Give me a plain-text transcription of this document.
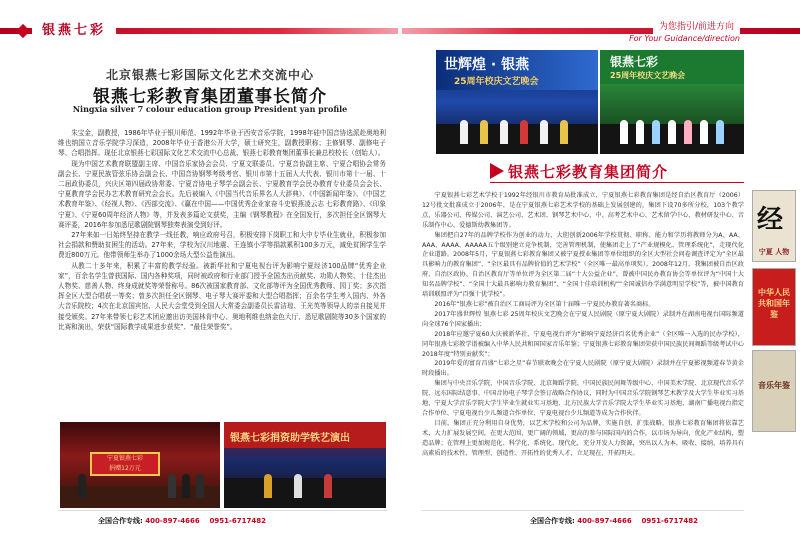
银燕七彩	为您指引/前进方向
For Your Guidance/direction
北京银燕七彩国际文化艺术交流中心
银燕七彩教育集团董事长简介
Ningxia silver 7 colour education group President yan profile

朱宝金，副教授，1986年毕业于银川师范、1992年毕业于西安音乐学院，1998年硅中国音协选派赴奥地利维也纳国立音乐学院学习深造，2008年毕业于香港公开大学，硕士研究生，副教授职称；主修钢琴、副修电子琴、合唱指挥。现任北京银燕七彩国际文化艺术交流中心总裁、银燕七彩教育集团董事长兼总校校长（创始人）。

现为中国艺术教育联盟副主席、中国音乐家协会会员、宁夏文联委员、宁夏音协副主席、宁夏合唱协会常务副会长、宁夏民族管弦乐协会副会长、中国音协钢琴考级考官、银川市第十五届人大代表、银川市第十一届、十二届政协委员，兴庆区第四届政协常委、宁夏音协电子琴学会副会长、宁夏教育学会民办教育专业委员会会长、宁夏教育学会民办艺术教育研究会会长。先后被编入《中国当代音乐界名人大辞典》、《中国新闻年鉴》、《中国艺术教育年鉴》、《经视人物》、《西部交流》、《赢在中国——中国优秀企业家奋斗史银燕凌云志 七彩教育路》、《印象宁夏》、《宁夏60周年经济人物》等，并发表多篇论文获奖，主编《钢琴教程》在全国发行，多次担任全区钢琴大赛评委，2016年参加悉尼歌剧院钢琴独奏表演受到好评。

27年来如一日始终坚持在教学一线任教，响应政府号召，积极安排下岗职工和大中专毕业生就业，积极参加社会捐款和赞助贫困生的活动。27年来，学校为汉川地震、王连镇小学等捐款累积100多万元，减免贫困学生学费近800万元。他带领师生举办了1000余场大型公益性演出。

从教二十多年来，积累了丰富的教学经验。被新华社和宁夏电视台评为影响宁夏经济100品牌“优秀企业家”，百余名学生曾获国际、国内各种奖项，同时被政府和行业部门授予全国杰出贡献奖、功勋人物奖、十佳杰出人物奖、慈善人物、终身成就奖等荣誉称号。86次被国家教育部、文化部等评为全国优秀教师、园丁奖；多次指挥全区大型合唱获一等奖；曾多次担任全区钢琴、电子琴大赛评委和大型合唱指挥；百余名学生考入国内、外各大音乐院校；4次在北京国宾馆、人民大会堂受到全国人大常委会副委员长雷洁琼、王光英等领导人的亲自接见并接受颁奖。27年来带领七彩艺术团应邀出访美国林肯中心、奥地利维也纳金色大厅、悉尼歌剧院等30多个国家的比赛和演出，荣获“国际教学成果进步获奖”、“最佳荣誉奖”。

宁夏银燕七彩
捐赠12万元
银燕七彩捐资助学铁艺演出
世辉煌 · 银燕
25周年校庆文艺晚会
银燕七彩
25周年校庆文艺晚会
银燕七彩教育集团简介

宁夏银燕七彩艺术学校于1992年经银川市教育局批准成立，宁夏银燕七彩教育集团是经自治区教育厅（2006）12号批文批准成立于2006年，是在宁夏银燕七彩艺术学校的基础上发展创建的，集团下设70多所分校，103个教学点，乐器公司、传媒公司、演艺公司、艺术团、钢琴艺术中心、中、高考艺术中心、艺术留学中心、教材研发中心、音乐制作中心、爱德斯幼教集团等。

集团把自27年的品牌学校作为创业的动力，大胆创新2006年学校贯彻、职称、能力和学历将教师分为A、AA、AAA、AAAA、AAAAA五个级别建立竞争机制，完善管理机制，使集团走上了“产业规模化、管理系统化”，走现代化企业道路。2008年5月，宁夏银燕七彩教育集团又被宁夏授业集团等单位组织的全区大型社会问卷调查评定为“全区最具影响力的教育集团”、“全区最具有品牌价值的艺术学校”（全区唯一最高单项奖）。2008年12月，我集团被自治区政府、自治区政协、自治区教育厅等单位评为全区第二届“十大公益企业”，曾被中国民办教育协会等单位评为“中国十大知名品牌学校”、“全国十大最具影响力教育集团”、“全国十佳培训机构”“全国诚信办学满意明星学校”等，被中国教育培训联盟评为“百强十优学校”。

2016年“银燕七彩”被自治区工商局评为全区第十届唯一宁夏民办教育著名商标。

2017年盛世辉煌 银燕七彩 25周年校庆文艺晚会在宁夏人民剧院（原宁夏大剧院）录制并在湖南电视台国际频道向全球76个国家播出；

2018年应邀宁夏60大庆被新华社、宁夏电视台评为“影响宁夏经济百名优秀企业”（全区唯一入选的民办学校），同年银燕七彩教学谱被编入中华人民共和国国家音乐年鉴；宁夏银燕七彩教育集团荣获中国民族民间舞蹈等级考试中心2018年度“特别贡献奖”；

2019年爱的富育昌盛“七彩之星”春节联欢晚会在宁夏人民剧院（原宁夏大剧院）录制并在宁夏影视频道春节黄金时段播出。

集团与中央音乐学院、中国音乐学院、北京舞蹈学院、中国民族民间舞等级中心、中国美术学院、北京现代音乐学院、远东国际结意事、中国音协电子琴学会签订战略合作协议，同时为中国音乐学院钢琴艺术教学及大学生毕业实习基地、宁夏大学音乐学院大学生毕业生就业实习基地、北方民族大学音乐学院大学生毕业实习基地、湖南广播电视台指定合作单位、宁夏电视台少儿频道合作单位、宁夏电视台少儿频道等成为合作伙伴。

目前，集团正充分利用自身优势，以艺术学校和公司为品牌，实施自创、扩张战略，银燕七彩教育集团将依靠艺术、大力扩展发展空间，在更大范围、更广阔的领域，更高的参与国际国内的合作，以市场为导向，优化产业结构，塑造品牌；在管理上更加规范化、科学化、系统化、现代化，充分开发人力资源，突出以人为本，吸收、接纳、培养具有高素质的技术性、管理型、创造性、开拓性的优秀人才，立足现在，开拓明天。

经
宁夏 人物
中华人民共和国年鉴
音乐年鉴
全国合作专线: 400-897-4666 0951-6717482	全国合作专线: 400-897-4666 0951-6717482
